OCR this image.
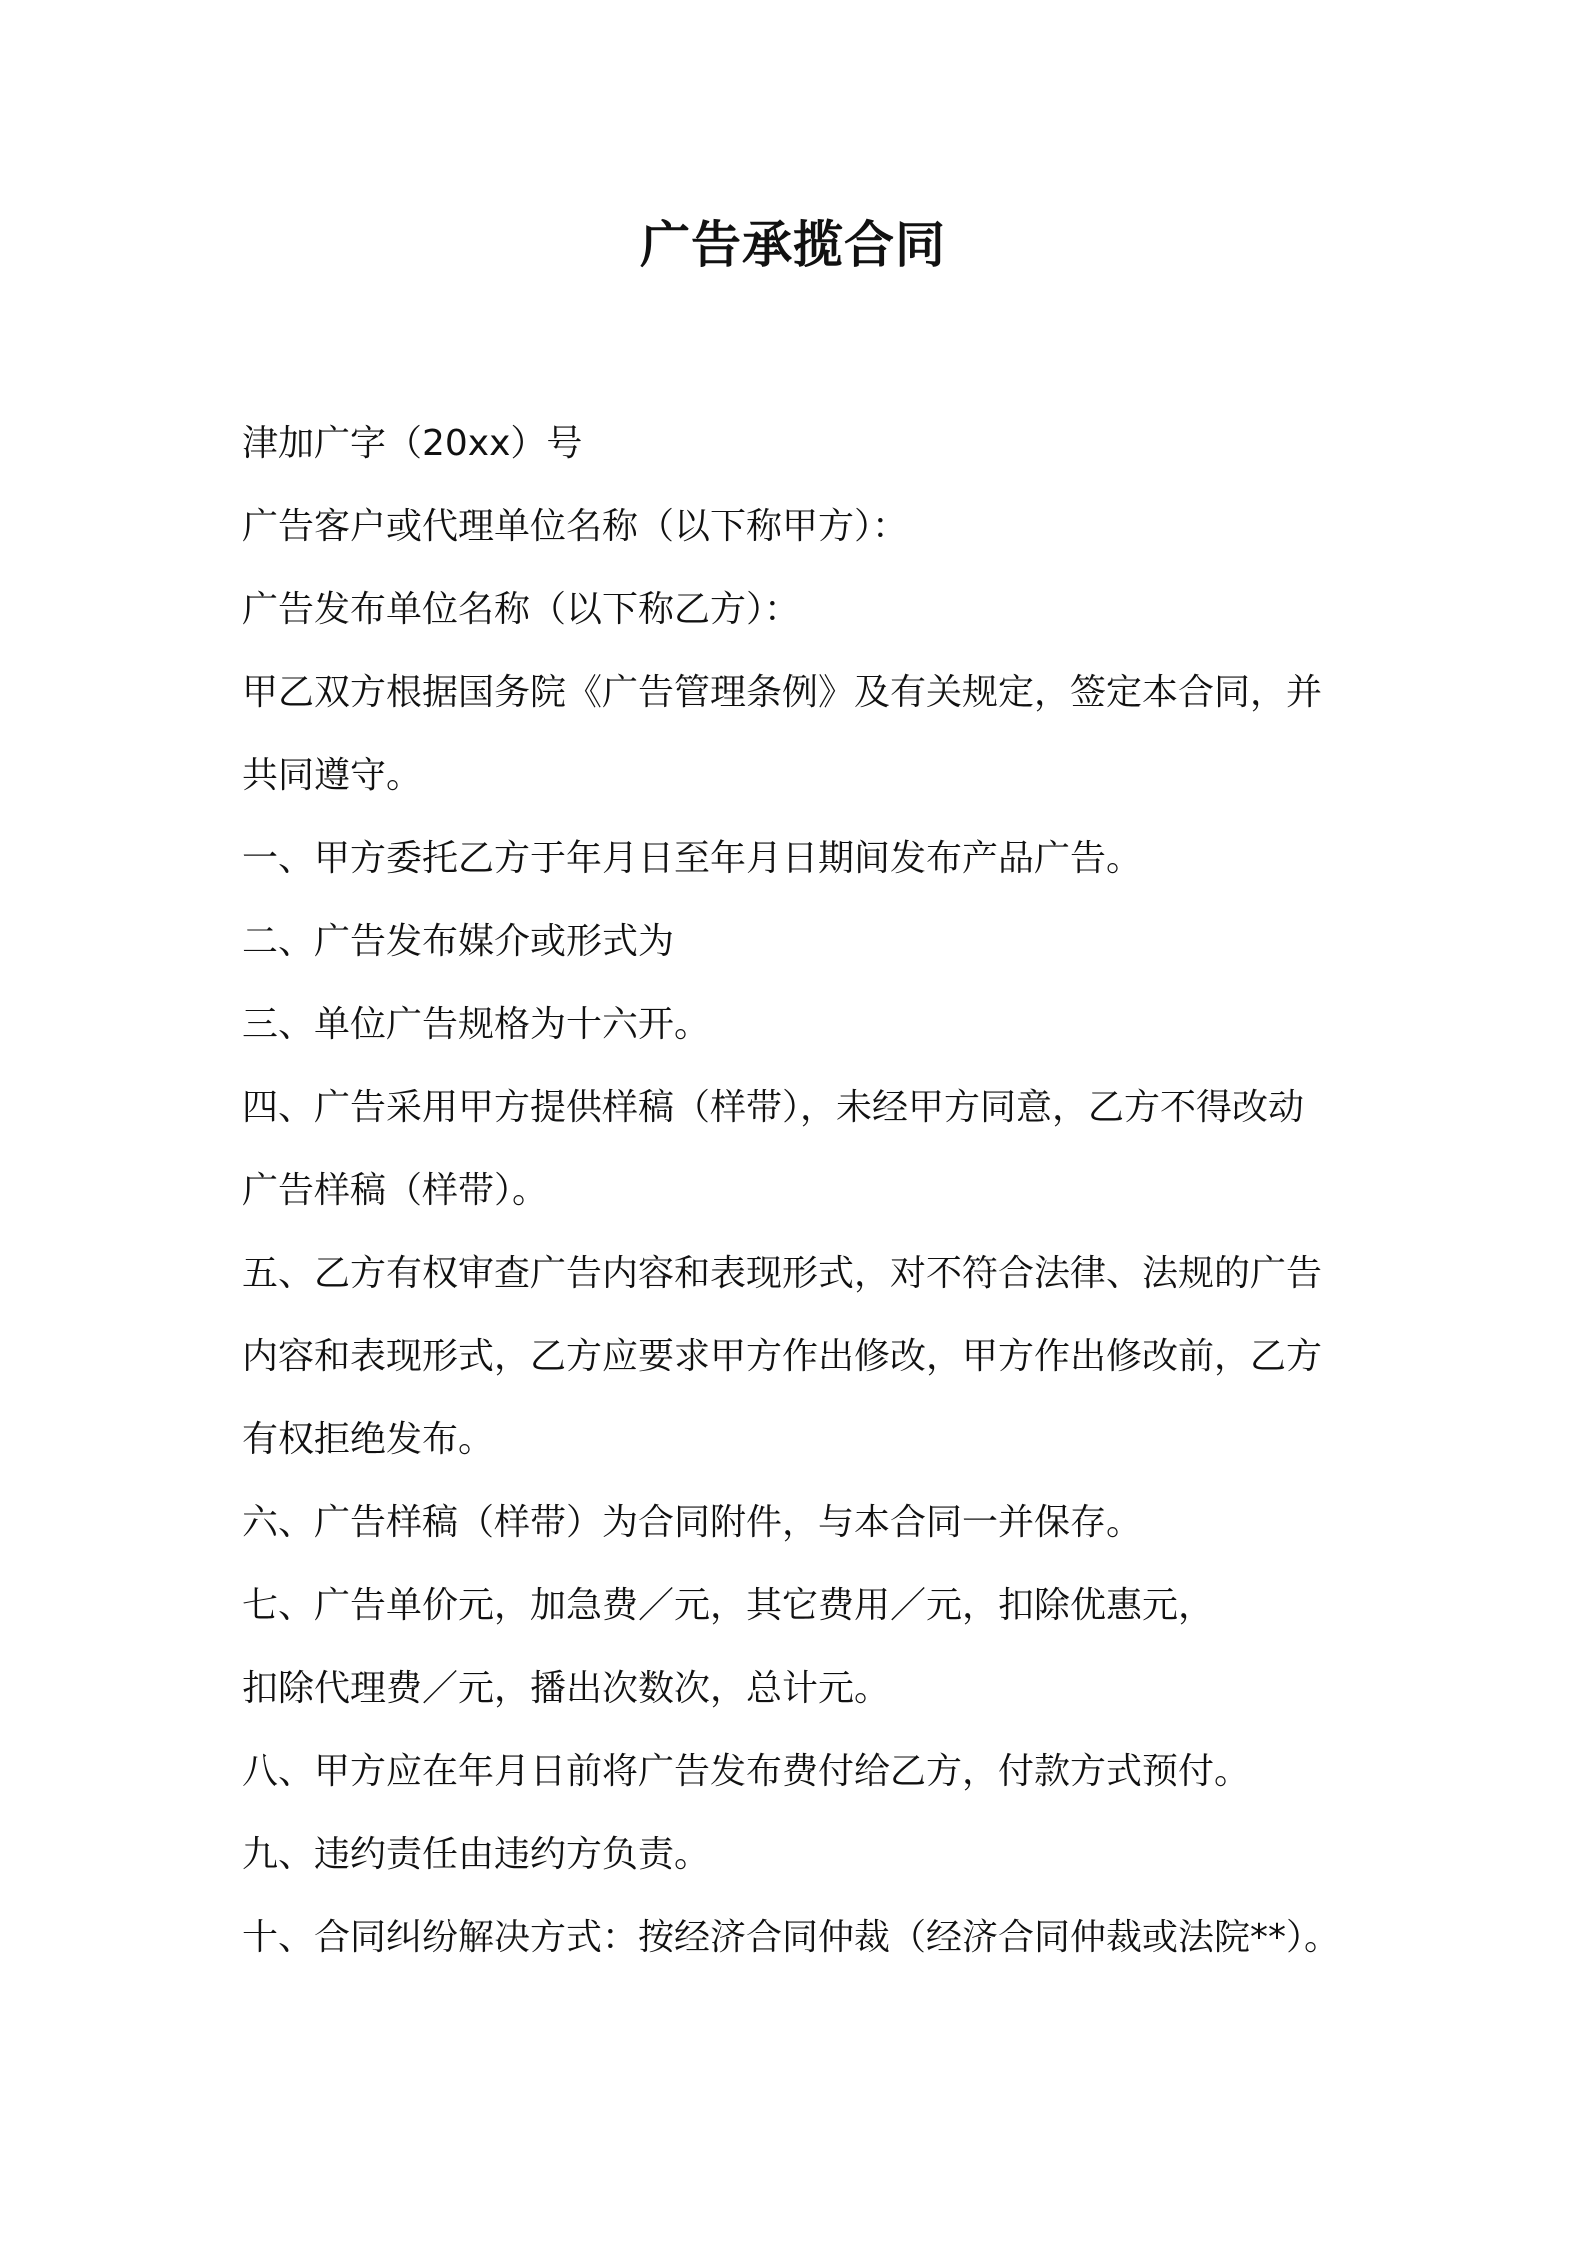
广告承揽合同

津加广字（20xx）号

广告客户或代理单位名称（以下称甲方）：

广告发布单位名称（以下称乙方）：

甲乙双方根据国务院《广告管理条例》及有关规定，签定本合同，并

共同遵守。

一、甲方委托乙方于年月日至年月日期间发布产品广告。

二、广告发布媒介或形式为

三、单位广告规格为十六开。

四、广告采用甲方提供样稿（样带），未经甲方同意，乙方不得改动

广告样稿（样带）。

五、乙方有权审查广告内容和表现形式，对不符合法律、法规的广告

内容和表现形式，乙方应要求甲方作出修改，甲方作出修改前，乙方

有权拒绝发布。

六、广告样稿（样带）为合同附件，与本合同一并保存。

七、广告单价元，加急费／元，其它费用／元，扣除优惠元，

扣除代理费／元，播出次数次，总计元。

八、甲方应在年月日前将广告发布费付给乙方，付款方式预付。

九、违约责任由违约方负责。

十、合同纠纷解决方式：按经济合同仲裁（经济合同仲裁或法院**）。
